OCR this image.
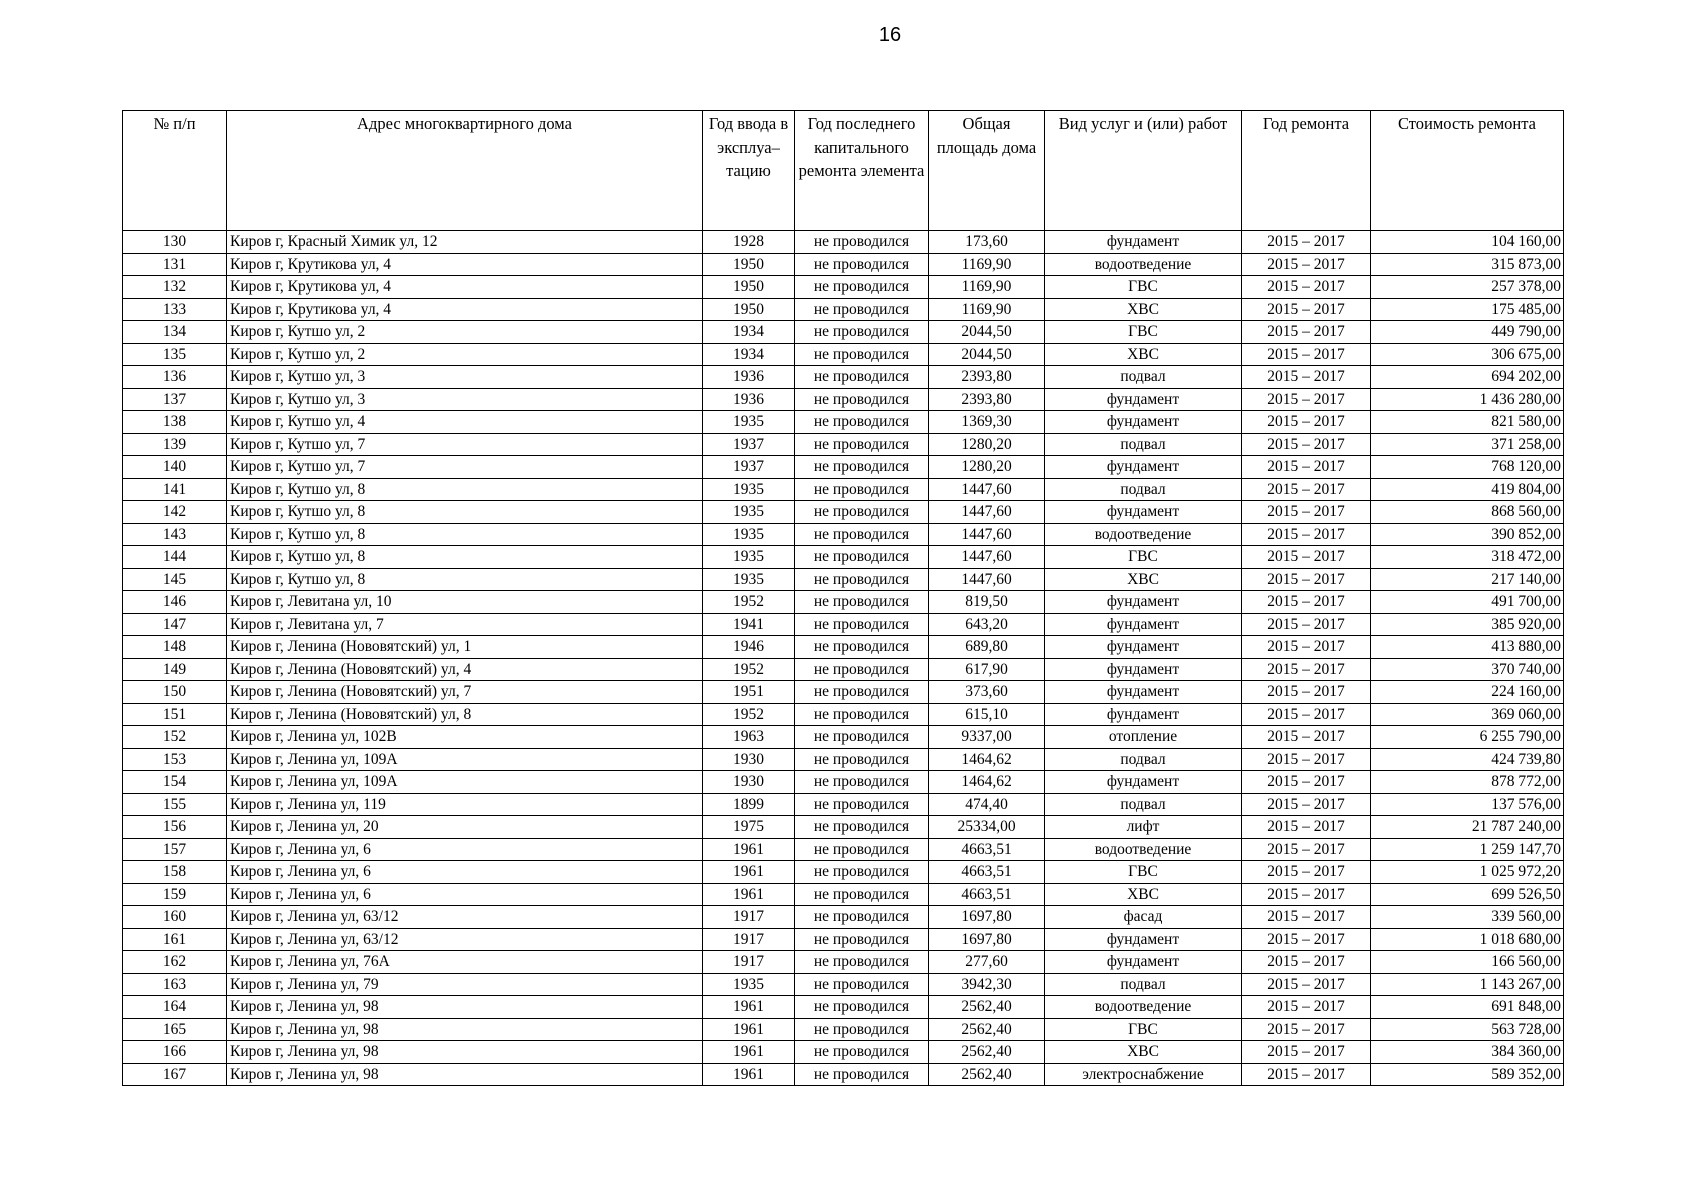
16
№ п/п	Адрес многоквартирного дома	Год ввода в эксплуа– тацию	Год последнего капитального ремонта элемента	Общая площадь дома	Вид услуг и (или) работ	Год ремонта	Стоимость ремонта
130	Киров г, Красный Химик ул, 12	1928	не проводился	173,60	фундамент	2015 – 2017	104 160,00
131	Киров г, Крутикова ул, 4	1950	не проводился	1169,90	водоотведение	2015 – 2017	315 873,00
132	Киров г, Крутикова ул, 4	1950	не проводился	1169,90	ГВС	2015 – 2017	257 378,00
133	Киров г, Крутикова ул, 4	1950	не проводился	1169,90	ХВС	2015 – 2017	175 485,00
134	Киров г, Кутшо ул, 2	1934	не проводился	2044,50	ГВС	2015 – 2017	449 790,00
135	Киров г, Кутшо ул, 2	1934	не проводился	2044,50	ХВС	2015 – 2017	306 675,00
136	Киров г, Кутшо ул, 3	1936	не проводился	2393,80	подвал	2015 – 2017	694 202,00
137	Киров г, Кутшо ул, 3	1936	не проводился	2393,80	фундамент	2015 – 2017	1 436 280,00
138	Киров г, Кутшо ул, 4	1935	не проводился	1369,30	фундамент	2015 – 2017	821 580,00
139	Киров г, Кутшо ул, 7	1937	не проводился	1280,20	подвал	2015 – 2017	371 258,00
140	Киров г, Кутшо ул, 7	1937	не проводился	1280,20	фундамент	2015 – 2017	768 120,00
141	Киров г, Кутшо ул, 8	1935	не проводился	1447,60	подвал	2015 – 2017	419 804,00
142	Киров г, Кутшо ул, 8	1935	не проводился	1447,60	фундамент	2015 – 2017	868 560,00
143	Киров г, Кутшо ул, 8	1935	не проводился	1447,60	водоотведение	2015 – 2017	390 852,00
144	Киров г, Кутшо ул, 8	1935	не проводился	1447,60	ГВС	2015 – 2017	318 472,00
145	Киров г, Кутшо ул, 8	1935	не проводился	1447,60	ХВС	2015 – 2017	217 140,00
146	Киров г, Левитана ул, 10	1952	не проводился	819,50	фундамент	2015 – 2017	491 700,00
147	Киров г, Левитана ул, 7	1941	не проводился	643,20	фундамент	2015 – 2017	385 920,00
148	Киров г, Ленина (Нововятский) ул, 1	1946	не проводился	689,80	фундамент	2015 – 2017	413 880,00
149	Киров г, Ленина (Нововятский) ул, 4	1952	не проводился	617,90	фундамент	2015 – 2017	370 740,00
150	Киров г, Ленина (Нововятский) ул, 7	1951	не проводился	373,60	фундамент	2015 – 2017	224 160,00
151	Киров г, Ленина (Нововятский) ул, 8	1952	не проводился	615,10	фундамент	2015 – 2017	369 060,00
152	Киров г, Ленина ул, 102В	1963	не проводился	9337,00	отопление	2015 – 2017	6 255 790,00
153	Киров г, Ленина ул, 109А	1930	не проводился	1464,62	подвал	2015 – 2017	424 739,80
154	Киров г, Ленина ул, 109А	1930	не проводился	1464,62	фундамент	2015 – 2017	878 772,00
155	Киров г, Ленина ул, 119	1899	не проводился	474,40	подвал	2015 – 2017	137 576,00
156	Киров г, Ленина ул, 20	1975	не проводился	25334,00	лифт	2015 – 2017	21 787 240,00
157	Киров г, Ленина ул, 6	1961	не проводился	4663,51	водоотведение	2015 – 2017	1 259 147,70
158	Киров г, Ленина ул, 6	1961	не проводился	4663,51	ГВС	2015 – 2017	1 025 972,20
159	Киров г, Ленина ул, 6	1961	не проводился	4663,51	ХВС	2015 – 2017	699 526,50
160	Киров г, Ленина ул, 63/12	1917	не проводился	1697,80	фасад	2015 – 2017	339 560,00
161	Киров г, Ленина ул, 63/12	1917	не проводился	1697,80	фундамент	2015 – 2017	1 018 680,00
162	Киров г, Ленина ул, 76А	1917	не проводился	277,60	фундамент	2015 – 2017	166 560,00
163	Киров г, Ленина ул, 79	1935	не проводился	3942,30	подвал	2015 – 2017	1 143 267,00
164	Киров г, Ленина ул, 98	1961	не проводился	2562,40	водоотведение	2015 – 2017	691 848,00
165	Киров г, Ленина ул, 98	1961	не проводился	2562,40	ГВС	2015 – 2017	563 728,00
166	Киров г, Ленина ул, 98	1961	не проводился	2562,40	ХВС	2015 – 2017	384 360,00
167	Киров г, Ленина ул, 98	1961	не проводился	2562,40	электроснабжение	2015 – 2017	589 352,00
